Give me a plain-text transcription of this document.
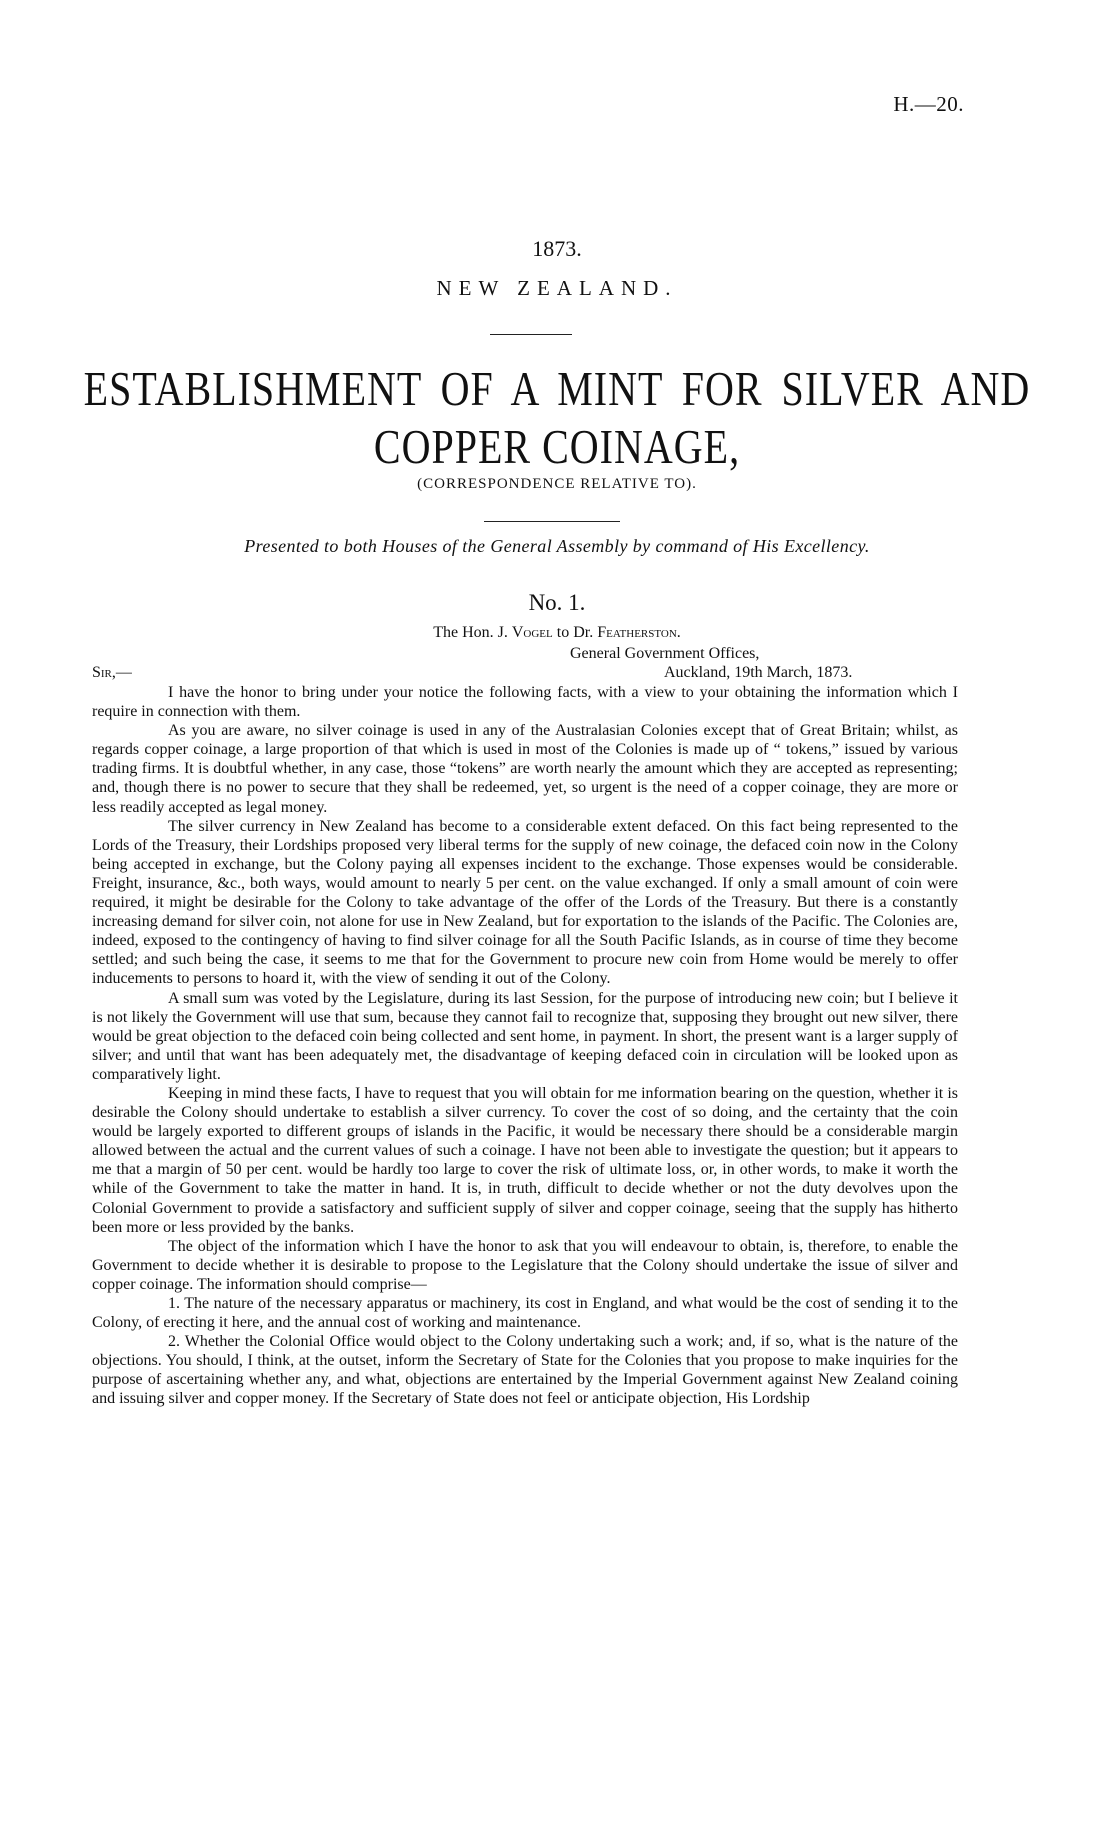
H.—20.
1873.
NEW ZEALAND.
ESTABLISHMENT OF A MINT FOR SILVER AND
COPPER COINAGE,
(CORRESPONDENCE RELATIVE TO).
Presented to both Houses of the General Assembly by command of His Excellency.
No. 1.
The Hon. J. Vogel to Dr. Featherston.
General Government Offices,
Sir,—	Auckland, 19th March, 1873.

I have the honor to bring under your notice the following facts, with a view to your obtaining the information which I require in connection with them.

As you are aware, no silver coinage is used in any of the Australasian Colonies except that of Great Britain; whilst, as regards copper coinage, a large proportion of that which is used in most of the Colonies is made up of “ tokens,” issued by various trading firms. It is doubtful whether, in any case, those “tokens” are worth nearly the amount which they are accepted as representing; and, though there is no power to secure that they shall be redeemed, yet, so urgent is the need of a copper coinage, they are more or less readily accepted as legal money.

The silver currency in New Zealand has become to a considerable extent defaced. On this fact being represented to the Lords of the Treasury, their Lordships proposed very liberal terms for the supply of new coinage, the defaced coin now in the Colony being accepted in exchange, but the Colony paying all expenses incident to the exchange. Those expenses would be considerable. Freight, insurance, &c., both ways, would amount to nearly 5 per cent. on the value exchanged. If only a small amount of coin were required, it might be desirable for the Colony to take advantage of the offer of the Lords of the Treasury. But there is a constantly increasing demand for silver coin, not alone for use in New Zealand, but for exportation to the islands of the Pacific. The Colonies are, indeed, exposed to the contingency of having to find silver coinage for all the South Pacific Islands, as in course of time they become settled; and such being the case, it seems to me that for the Government to procure new coin from Home would be merely to offer inducements to persons to hoard it, with the view of sending it out of the Colony.

A small sum was voted by the Legislature, during its last Session, for the purpose of introducing new coin; but I believe it is not likely the Government will use that sum, because they cannot fail to recognize that, supposing they brought out new silver, there would be great objection to the defaced coin being collected and sent home, in payment. In short, the present want is a larger supply of silver; and until that want has been adequately met, the disadvantage of keeping defaced coin in circulation will be looked upon as comparatively light.

Keeping in mind these facts, I have to request that you will obtain for me information bearing on the question, whether it is desirable the Colony should undertake to establish a silver currency. To cover the cost of so doing, and the certainty that the coin would be largely exported to different groups of islands in the Pacific, it would be necessary there should be a considerable margin allowed between the actual and the current values of such a coinage. I have not been able to investigate the question; but it appears to me that a margin of 50 per cent. would be hardly too large to cover the risk of ultimate loss, or, in other words, to make it worth the while of the Government to take the matter in hand. It is, in truth, difficult to decide whether or not the duty devolves upon the Colonial Government to provide a satisfactory and sufficient supply of silver and copper coinage, seeing that the supply has hitherto been more or less provided by the banks.

The object of the information which I have the honor to ask that you will endeavour to obtain, is, therefore, to enable the Government to decide whether it is desirable to propose to the Legislature that the Colony should undertake the issue of silver and copper coinage. The information should comprise—

1. The nature of the necessary apparatus or machinery, its cost in England, and what would be the cost of sending it to the Colony, of erecting it here, and the annual cost of working and maintenance.

2. Whether the Colonial Office would object to the Colony undertaking such a work; and, if so, what is the nature of the objections. You should, I think, at the outset, inform the Secretary of State for the Colonies that you propose to make inquiries for the purpose of ascertaining whether any, and what, objections are entertained by the Imperial Government against New Zealand coining and issuing silver and copper money. If the Secretary of State does not feel or anticipate objection, His Lordship
